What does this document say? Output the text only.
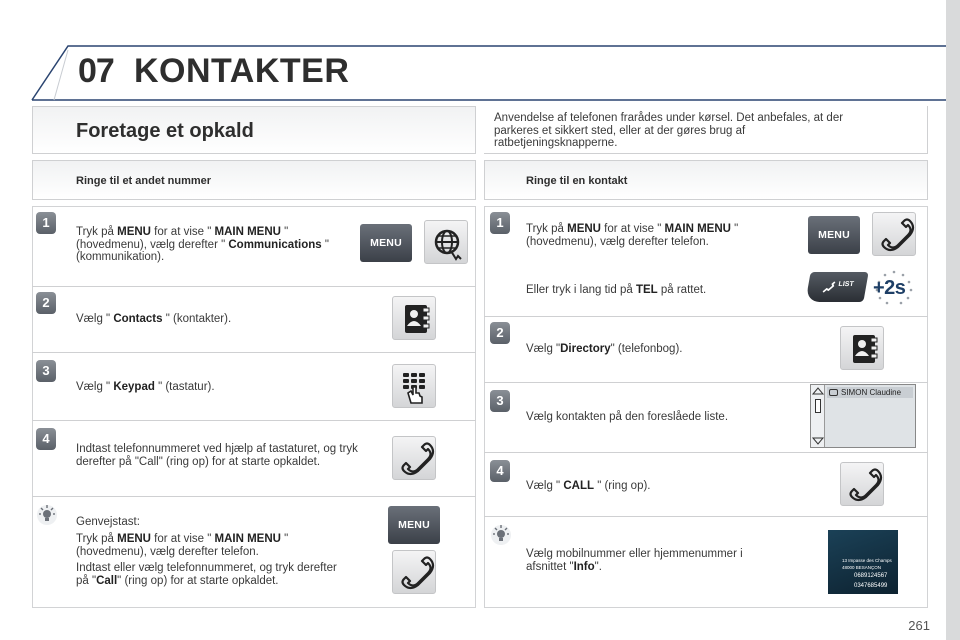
07 KONTAKTER
Foretage et opkald
Ringe til et andet nummer
1
Tryk på MENU for at vise " MAIN MENU " (hovedmenu), vælg derefter " Communications " (kommunikation).
MENU
2
Vælg " Contacts " (kontakter).
3
Vælg " Keypad " (tastatur).
4
Indtast telefonnummeret ved hjælp af tastaturet, og tryk derefter på "Call" (ring op) for at starte opkaldet.
Genvejstast:
Tryk på MENU for at vise " MAIN MENU " (hovedmenu), vælg derefter telefon.
Indtast eller vælg telefonnummeret, og tryk derefter på "Call" (ring op) for at starte opkaldet.
MENU
Anvendelse af telefonen frarådes under kørsel. Det anbefales, at der parkeres et sikkert sted, eller at der gøres brug af ratbetjeningsknapperne.
Ringe til en kontakt
1	Tryk på MENU for at vise " MAIN MENU " (hovedmenu), vælg derefter telefon.
MENU
Eller tryk i lang tid på TEL på rattet.	LIST +2s
2
Vælg "Directory" (telefonbog).
3
Vælg kontakten på den foreslåede liste.
SIMON Claudine
4
Vælg " CALL " (ring op).
Vælg mobilnummer eller hjemmenummer i afsnittet "Info".	13 Impasse des Champs
48000 BESANÇON
0689124567
0347685499
261
